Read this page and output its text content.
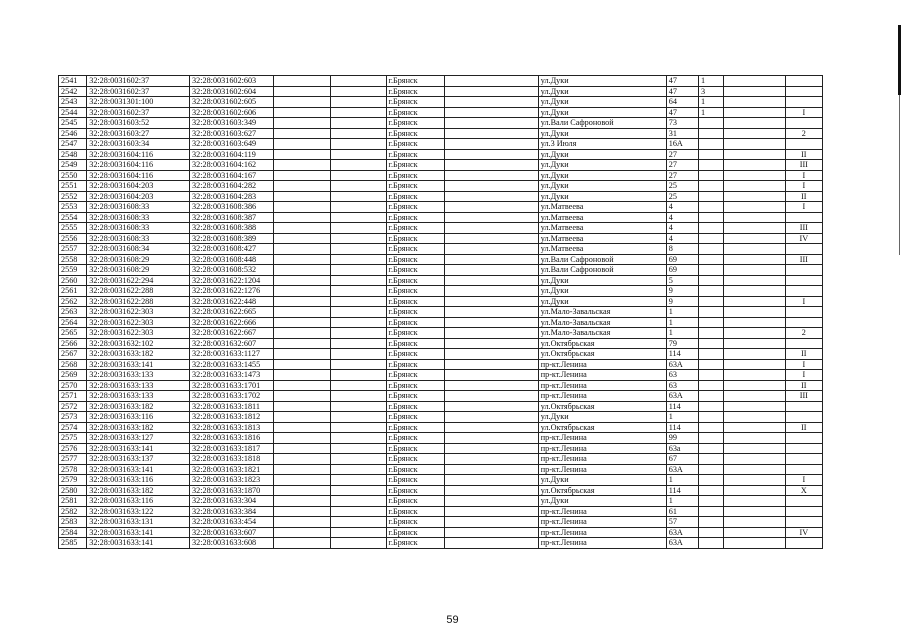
2541	32:28:0031602:37	32:28:0031602:603			г.Брянск		ул.Дуки	47	1		
2542	32:28:0031602:37	32:28:0031602:604			г.Брянск		ул.Дуки	47	3		
2543	32:28:0031301:100	32:28:0031602:605			г.Брянск		ул.Дуки	64	1		
2544	32:28:0031602:37	32:28:0031602:606			г.Брянск		ул.Дуки	47	1		I
2545	32:28:0031603:52	32:28:0031603:349			г.Брянск		ул.Вали Сафроновой	73			
2546	32:28:0031603:27	32:28:0031603:627			г.Брянск		ул.Дуки	31			2
2547	32:28:0031603:34	32:28:0031603:649			г.Брянск		ул.3 Июля	16А			
2548	32:28:0031604:116	32:28:0031604:119			г.Брянск		ул.Дуки	27			II
2549	32:28:0031604:116	32:28:0031604:162			г.Брянск		ул.Дуки	27			III
2550	32:28:0031604:116	32:28:0031604:167			г.Брянск		ул.Дуки	27			I
2551	32:28:0031604:203	32:28:0031604:282			г.Брянск		ул.Дуки	25			I
2552	32:28:0031604:203	32:28:0031604:283			г.Брянск		ул.Дуки	25			II
2553	32:28:0031608:33	32:28:0031608:386			г.Брянск		ул.Матвеева	4			I
2554	32:28:0031608:33	32:28:0031608:387			г.Брянск		ул.Матвеева	4			
2555	32:28:0031608:33	32:28:0031608:388			г.Брянск		ул.Матвеева	4			III
2556	32:28:0031608:33	32:28:0031608:389			г.Брянск		ул.Матвеева	4			IV
2557	32:28:0031608:34	32:28:0031608:427			г.Брянск		ул.Матвеева	8			
2558	32:28:0031608:29	32:28:0031608:448			г.Брянск		ул.Вали Сафроновой	69			III
2559	32:28:0031608:29	32:28:0031608:532			г.Брянск		ул.Вали Сафроновой	69			
2560	32:28:0031622:294	32:28:0031622:1204			г.Брянск		ул.Дуки	5			
2561	32:28:0031622:288	32:28:0031622:1276			г.Брянск		ул.Дуки	9			
2562	32:28:0031622:288	32:28:0031622:448			г.Брянск		ул.Дуки	9			I
2563	32:28:0031622:303	32:28:0031622:665			г.Брянск		ул.Мало-Завальская	1			
2564	32:28:0031622:303	32:28:0031622:666			г.Брянск		ул.Мало-Завальская	1			
2565	32:28:0031622:303	32:28:0031622:667			г.Брянск		ул.Мало-Завальская	1			2
2566	32:28:0031632:102	32:28:0031632:607			г.Брянск		ул.Октябрьская	79			
2567	32:28:0031633:182	32:28:0031633:1127			г.Брянск		ул.Октябрьская	114			II
2568	32:28:0031633:141	32:28:0031633:1455			г.Брянск		пр-кт.Ленина	63А			I
2569	32:28:0031633:133	32:28:0031633:1473			г.Брянск		пр-кт.Ленина	63			I
2570	32:28:0031633:133	32:28:0031633:1701			г.Брянск		пр-кт.Ленина	63			II
2571	32:28:0031633:133	32:28:0031633:1702			г.Брянск		пр-кт.Ленина	63А			III
2572	32:28:0031633:182	32:28:0031633:1811			г.Брянск		ул.Октябрьская	114			
2573	32:28:0031633:116	32:28:0031633:1812			г.Брянск		ул.Дуки	1			
2574	32:28:0031633:182	32:28:0031633:1813			г.Брянск		ул.Октябрьская	114			II
2575	32:28:0031633:127	32:28:0031633:1816			г.Брянск		пр-кт.Ленина	99			
2576	32:28:0031633:141	32:28:0031633:1817			г.Брянск		пр-кт.Ленина	63а			
2577	32:28:0031633:137	32:28:0031633:1818			г.Брянск		пр-кт.Ленина	67			
2578	32:28:0031633:141	32:28:0031633:1821			г.Брянск		пр-кт.Ленина	63А			
2579	32:28:0031633:116	32:28:0031633:1823			г.Брянск		ул.Дуки	1			I
2580	32:28:0031633:182	32:28:0031633:1870			г.Брянск		ул.Октябрьская	114			X
2581	32:28:0031633:116	32:28:0031633:304			г.Брянск		ул.Дуки	1			
2582	32:28:0031633:122	32:28:0031633:384			г.Брянск		пр-кт.Ленина	61			
2583	32:28:0031633:131	32:28:0031633:454			г.Брянск		пр-кт.Ленина	57			
2584	32:28:0031633:141	32:28:0031633:607			г.Брянск		пр-кт.Ленина	63А			IV
2585	32:28:0031633:141	32:28:0031633:608			г.Брянск		пр-кт.Ленина	63А			
59
